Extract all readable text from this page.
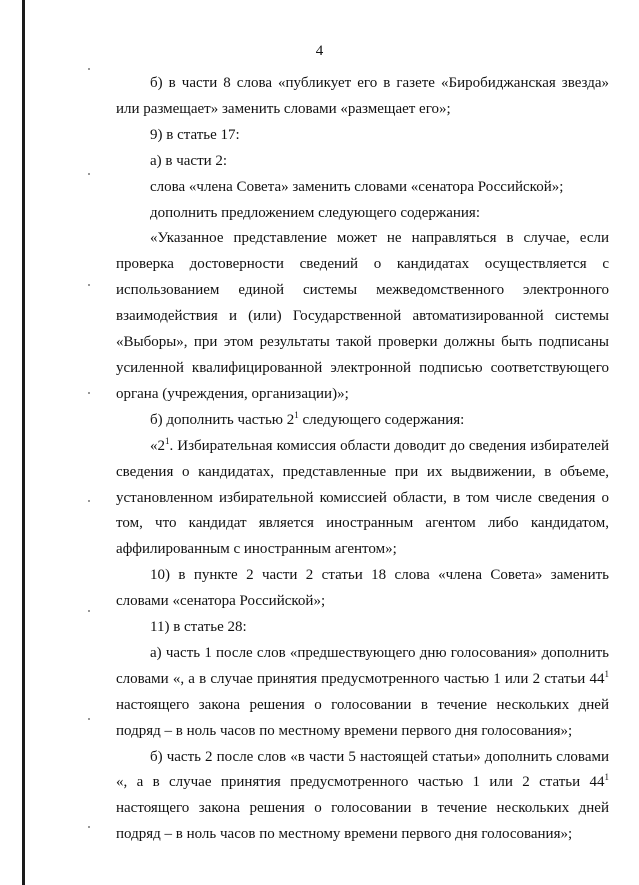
4

б) в части 8 слова «публикует его в газете «Биробиджанская звезда» или размещает» заменить словами «размещает его»;

9) в статье 17:

а) в части 2:

слова «члена Совета» заменить словами «сенатора Российской»;

дополнить предложением следующего содержания:

«Указанное представление может не направляться в случае, если проверка достоверности сведений о кандидатах осуществляется с использованием единой системы межведомственного электронного взаимодействия и (или) Государственной автоматизированной системы «Выборы», при этом результаты такой проверки должны быть подписаны усиленной квалифицированной электронной подписью соответствующего органа (учреждения, организации)»;

б) дополнить частью $2^1$ следующего содержания:

«$2^1$. Избирательная комиссия области доводит до сведения избирателей сведения о кандидатах, представленные при их выдвижении, в объеме, установленном избирательной комиссией области, в том числе сведения о том, что кандидат является иностранным агентом либо кандидатом, аффилированным с иностранным агентом»;

10) в пункте 2 части 2 статьи 18 слова «члена Совета» заменить словами «сенатора Российской»;

11) в статье 28:

а) часть 1 после слов «предшествующего дню голосования» дополнить словами «, а в случае принятия предусмотренного частью 1 или 2 статьи $44^1$ настоящего закона решения о голосовании в течение нескольких дней подряд – в ноль часов по местному времени первого дня голосования»;

б) часть 2 после слов «в части 5 настоящей статьи» дополнить словами «, а в случае принятия предусмотренного частью 1 или 2 статьи $44^1$ настоящего закона решения о голосовании в течение нескольких дней подряд – в ноль часов по местному времени первого дня голосования»;
